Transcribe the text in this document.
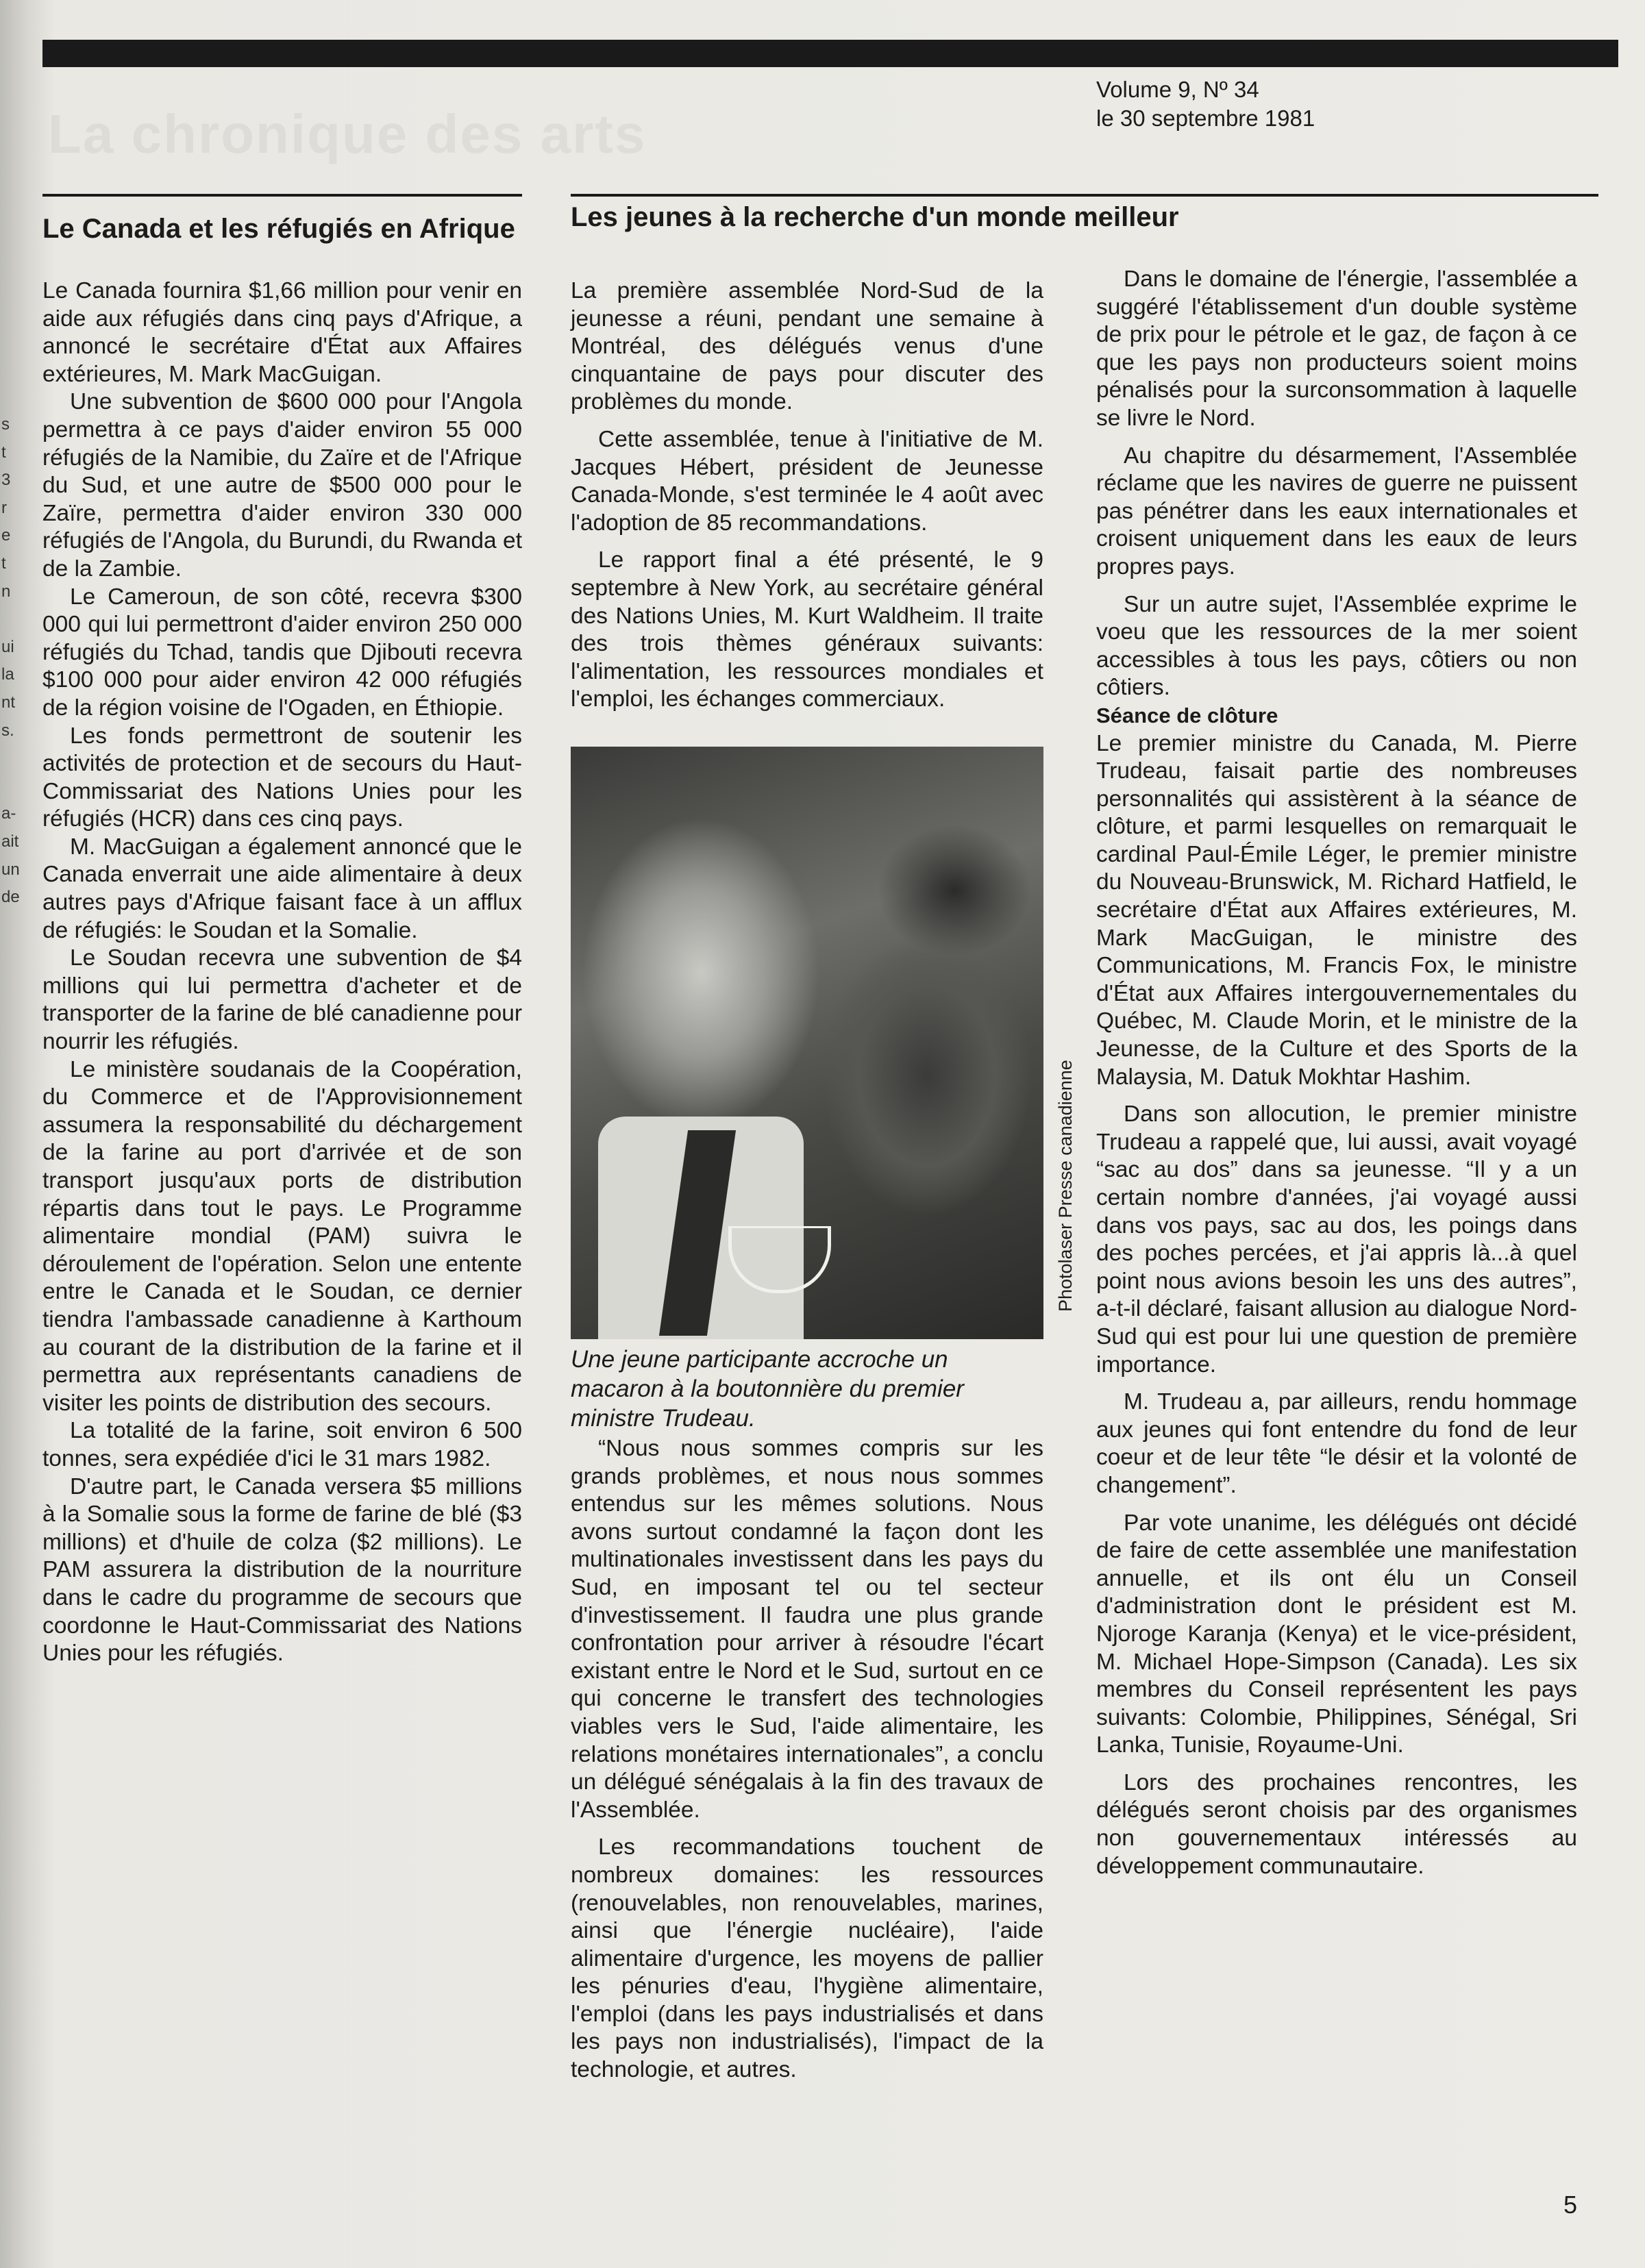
La chronique des arts
Volume 9, Nº 34
le 30 septembre 1981
s
t
3
r
e
t
n
ui
la
nt
s.
a-
ait
un
de
Le Canada et les réfugiés en Afrique

Le Canada fournira $1,66 million pour venir en aide aux réfugiés dans cinq pays d'Afrique, a annoncé le secrétaire d'État aux Affaires extérieures, M. Mark MacGuigan.

Une subvention de $600 000 pour l'Angola permettra à ce pays d'aider environ 55 000 réfugiés de la Namibie, du Zaïre et de l'Afrique du Sud, et une autre de $500 000 pour le Zaïre, permettra d'aider environ 330 000 réfugiés de l'Angola, du Burundi, du Rwanda et de la Zambie.

Le Cameroun, de son côté, recevra $300 000 qui lui permettront d'aider environ 250 000 réfugiés du Tchad, tandis que Djibouti recevra $100 000 pour aider environ 42 000 réfugiés de la région voisine de l'Ogaden, en Éthiopie.

Les fonds permettront de soutenir les activités de protection et de secours du Haut-Commissariat des Nations Unies pour les réfugiés (HCR) dans ces cinq pays.

M. MacGuigan a également annoncé que le Canada enverrait une aide alimentaire à deux autres pays d'Afrique faisant face à un afflux de réfugiés: le Soudan et la Somalie.

Le Soudan recevra une subvention de $4 millions qui lui permettra d'acheter et de transporter de la farine de blé canadienne pour nourrir les réfugiés.

Le ministère soudanais de la Coopération, du Commerce et de l'Approvisionnement assumera la responsabilité du déchargement de la farine au port d'arrivée et de son transport jusqu'aux ports de distribution répartis dans tout le pays. Le Programme alimentaire mondial (PAM) suivra le déroulement de l'opération. Selon une entente entre le Canada et le Soudan, ce dernier tiendra l'ambassade canadienne à Karthoum au courant de la distribution de la farine et il permettra aux représentants canadiens de visiter les points de distribution des secours.

La totalité de la farine, soit environ 6 500 tonnes, sera expédiée d'ici le 31 mars 1982.

D'autre part, le Canada versera $5 millions à la Somalie sous la forme de farine de blé ($3 millions) et d'huile de colza ($2 millions). Le PAM assurera la distribution de la nourriture dans le cadre du programme de secours que coordonne le Haut-Commissariat des Nations Unies pour les réfugiés.

Les jeunes à la recherche d'un monde meilleur

La première assemblée Nord-Sud de la jeunesse a réuni, pendant une semaine à Montréal, des délégués venus d'une cinquantaine de pays pour discuter des problèmes du monde.

Cette assemblée, tenue à l'initiative de M. Jacques Hébert, président de Jeunesse Canada-Monde, s'est terminée le 4 août avec l'adoption de 85 recommandations.

Le rapport final a été présenté, le 9 septembre à New York, au secrétaire général des Nations Unies, M. Kurt Waldheim. Il traite des trois thèmes généraux suivants: l'alimentation, les ressources mondiales et l'emploi, les échanges commerciaux.

Photolaser Presse canadienne
Une jeune participante accroche un macaron à la boutonnière du premier ministre Trudeau.

“Nous nous sommes compris sur les grands problèmes, et nous nous sommes entendus sur les mêmes solutions. Nous avons surtout condamné la façon dont les multinationales investissent dans les pays du Sud, en imposant tel ou tel secteur d'investissement. Il faudra une plus grande confrontation pour arriver à résoudre l'écart existant entre le Nord et le Sud, surtout en ce qui concerne le transfert des technologies viables vers le Sud, l'aide alimentaire, les relations monétaires internationales”, a conclu un délégué sénégalais à la fin des travaux de l'Assemblée.

Les recommandations touchent de nombreux domaines: les ressources (renouvelables, non renouvelables, marines, ainsi que l'énergie nucléaire), l'aide alimentaire d'urgence, les moyens de pallier les pénuries d'eau, l'hygiène alimentaire, l'emploi (dans les pays industrialisés et dans les pays non industrialisés), l'impact de la technologie, et autres.

Dans le domaine de l'énergie, l'assemblée a suggéré l'établissement d'un double système de prix pour le pétrole et le gaz, de façon à ce que les pays non producteurs soient moins pénalisés pour la surconsommation à laquelle se livre le Nord.

Au chapitre du désarmement, l'Assemblée réclame que les navires de guerre ne puissent pas pénétrer dans les eaux internationales et croisent uniquement dans les eaux de leurs propres pays.

Sur un autre sujet, l'Assemblée exprime le voeu que les ressources de la mer soient accessibles à tous les pays, côtiers ou non côtiers.

Séance de clôture

Le premier ministre du Canada, M. Pierre Trudeau, faisait partie des nombreuses personnalités qui assistèrent à la séance de clôture, et parmi lesquelles on remarquait le cardinal Paul-Émile Léger, le premier ministre du Nouveau-Brunswick, M. Richard Hatfield, le secrétaire d'État aux Affaires extérieures, M. Mark MacGuigan, le ministre des Communications, M. Francis Fox, le ministre d'État aux Affaires intergouvernementales du Québec, M. Claude Morin, et le ministre de la Jeunesse, de la Culture et des Sports de la Malaysia, M. Datuk Mokhtar Hashim.

Dans son allocution, le premier ministre Trudeau a rappelé que, lui aussi, avait voyagé “sac au dos” dans sa jeunesse. “Il y a un certain nombre d'années, j'ai voyagé aussi dans vos pays, sac au dos, les poings dans des poches percées, et j'ai appris là...à quel point nous avions besoin les uns des autres”, a-t-il déclaré, faisant allusion au dialogue Nord-Sud qui est pour lui une question de première importance.

M. Trudeau a, par ailleurs, rendu hommage aux jeunes qui font entendre du fond de leur coeur et de leur tête “le désir et la volonté de changement”.

Par vote unanime, les délégués ont décidé de faire de cette assemblée une manifestation annuelle, et ils ont élu un Conseil d'administration dont le président est M. Njoroge Karanja (Kenya) et le vice-président, M. Michael Hope-Simpson (Canada). Les six membres du Conseil représentent les pays suivants: Colombie, Philippines, Sénégal, Sri Lanka, Tunisie, Royaume-Uni.

Lors des prochaines rencontres, les délégués seront choisis par des organismes non gouvernementaux intéressés au développement communautaire.

5
